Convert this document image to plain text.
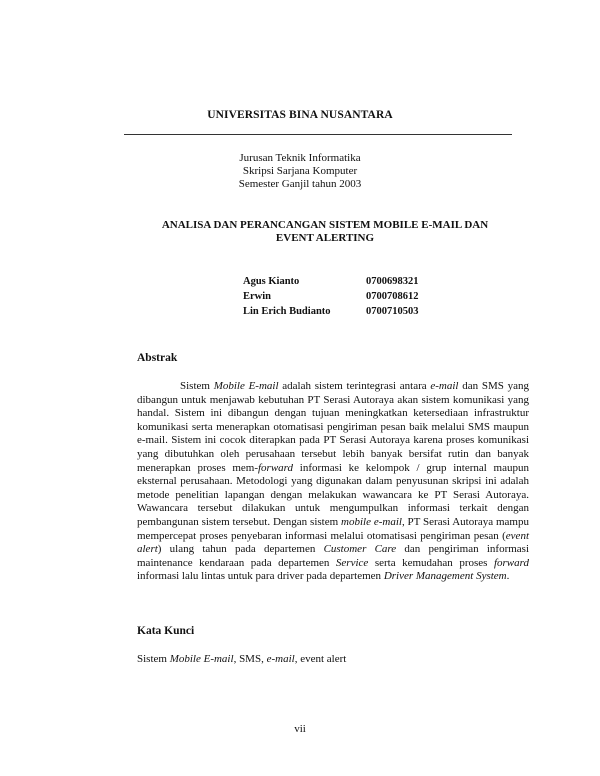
UNIVERSITAS BINA NUSANTARA
Jurusan Teknik Informatika
Skripsi Sarjana Komputer
Semester Ganjil tahun 2003
ANALISA DAN PERANCANGAN SISTEM MOBILE E-MAIL DAN
EVENT ALERTING
Agus Kianto	0700698321
Erwin	0700708612
Lin Erich Budianto	0700710503
Abstrak

Sistem Mobile E-mail adalah sistem terintegrasi antara e-mail dan SMS yang dibangun untuk menjawab kebutuhan PT Serasi Autoraya akan sistem komunikasi yang handal. Sistem ini dibangun dengan tujuan meningkatkan ketersediaan infrastruktur komunikasi serta menerapkan otomatisasi pengiriman pesan baik melalui SMS maupun e-mail. Sistem ini cocok diterapkan pada PT Serasi Autoraya karena proses komunikasi yang dibutuhkan oleh perusahaan tersebut lebih banyak bersifat rutin dan banyak menerapkan proses mem-forward informasi ke kelompok / grup internal maupun eksternal perusahaan. Metodologi yang digunakan dalam penyusunan skripsi ini adalah metode penelitian lapangan dengan melakukan wawancara ke PT Serasi Autoraya. Wawancara tersebut dilakukan untuk mengumpulkan informasi terkait dengan pembangunan sistem tersebut. Dengan sistem mobile e-mail, PT Serasi Autoraya mampu mempercepat proses penyebaran informasi melalui otomatisasi pengiriman pesan (event alert) ulang tahun pada departemen Customer Care dan pengiriman informasi maintenance kendaraan pada departemen Service serta kemudahan proses forward informasi lalu lintas untuk para driver pada departemen Driver Management System.

Kata Kunci
Sistem Mobile E-mail, SMS, e-mail, event alert
vii
